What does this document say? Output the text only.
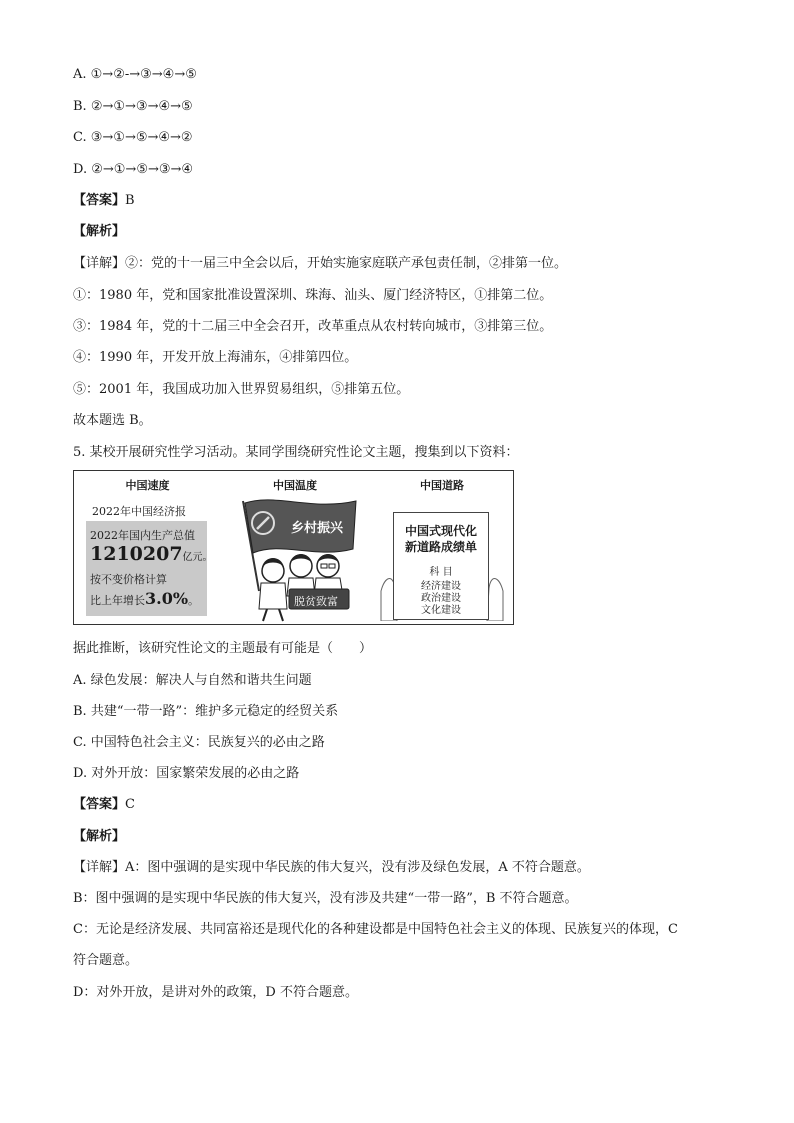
A. ①→②-→③→④→⑤
B. ②→①→③→④→⑤
C. ③→①→⑤→④→②
D. ②→①→⑤→③→④
【答案】B
【解析】
【详解】②：党的十一届三中全会以后，开始实施家庭联产承包责任制，②排第一位。
①：1980 年，党和国家批准设置深圳、珠海、汕头、厦门经济特区，①排第二位。
③：1984 年，党的十二届三中全会召开，改革重点从农村转向城市，③排第三位。
④：1990 年，开发开放上海浦东，④排第四位。
⑤：2001 年，我国成功加入世界贸易组织，⑤排第五位。
故本题选 B。
5. 某校开展研究性学习活动。某同学围绕研究性论文主题，搜集到以下资料：
中国速度
2022年中国经济报
2022年国内生产总值
1210207亿元。
按不变价格计算
比上年增长3.0%。
中国温度
乡村振兴
脱贫致富
中国道路
中国式现代化
新道路成绩单
科 目
经济建设
政治建设
文化建设
据此推断，该研究性论文的主题最有可能是（　　）
A. 绿色发展：解决人与自然和谐共生问题
B. 共建“一带一路”：维护多元稳定的经贸关系
C. 中国特色社会主义：民族复兴的必由之路
D. 对外开放：国家繁荣发展的必由之路
【答案】C
【解析】
【详解】A：图中强调的是实现中华民族的伟大复兴，没有涉及绿色发展，A 不符合题意。
B：图中强调的是实现中华民族的伟大复兴，没有涉及共建“一带一路”，B 不符合题意。
C：无论是经济发展、共同富裕还是现代化的各种建设都是中国特色社会主义的体现、民族复兴的体现，C
符合题意。
D：对外开放，是讲对外的政策，D 不符合题意。
